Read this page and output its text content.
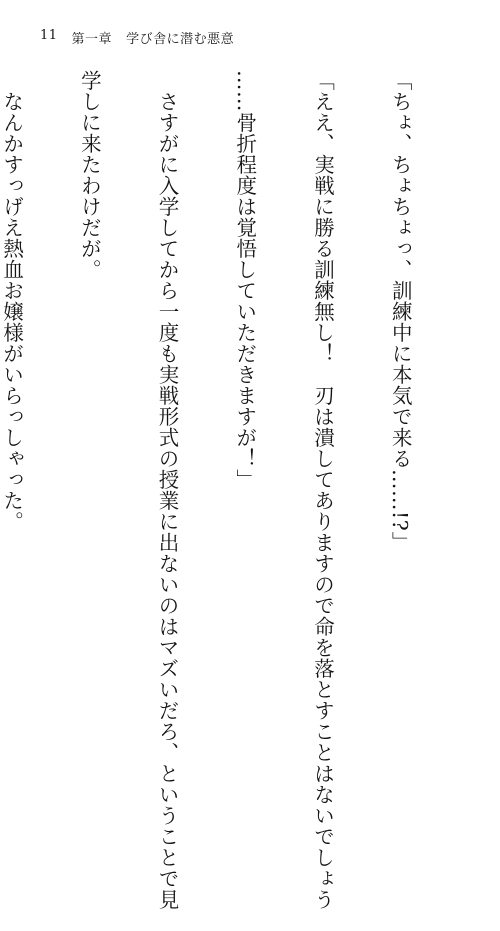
11 第一章 学び舎に潜む悪意

「ちょ、ちょちょっ、訓練中に本気で来る……!?」

「ええ、実戦に勝る訓練無し！　刃は潰してありますので命を落とすことはないでしょう

……骨折程度は覚悟していただきますが！」

　さすがに入学してから一度も実戦形式の授業に出ないのはマズいだろ、ということで見

学しに来たわけだが。

　なんかすっげえ熱血お嬢様がいらっしゃった。
